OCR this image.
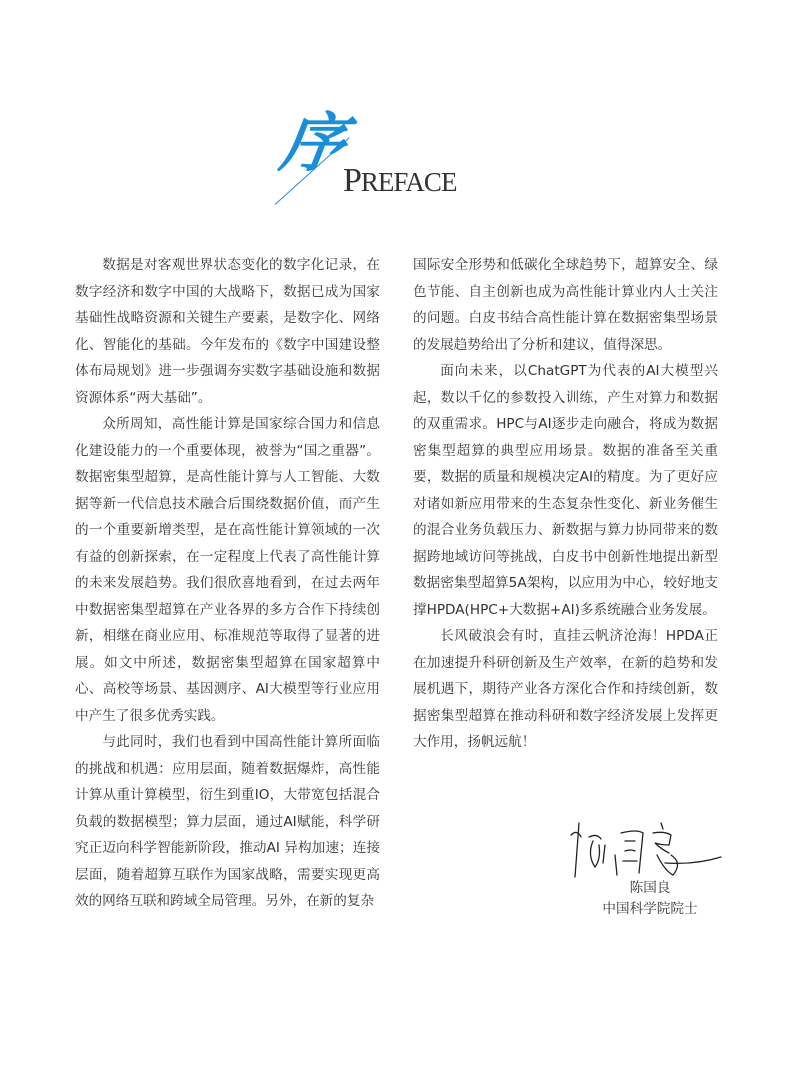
序
PREFACE

数据是对客观世界状态变化的数字化记录，在数字经济和数字中国的大战略下，数据已成为国家基础性战略资源和关键生产要素，是数字化、网络化、智能化的基础。今年发布的《数字中国建设整体布局规划》进一步强调夯实数字基础设施和数据资源体系“两大基础”。

众所周知，高性能计算是国家综合国力和信息化建设能力的一个重要体现，被誉为“国之重器”。数据密集型超算，是高性能计算与人工智能、大数据等新一代信息技术融合后围绕数据价值，而产生的一个重要新增类型，是在高性能计算领域的一次有益的创新探索，在一定程度上代表了高性能计算的未来发展趋势。我们很欣喜地看到，在过去两年中数据密集型超算在产业各界的多方合作下持续创新，相继在商业应用、标准规范等取得了显著的进展。如文中所述，数据密集型超算在国家超算中心、高校等场景、基因测序、AI大模型等行业应用中产生了很多优秀实践。

与此同时，我们也看到中国高性能计算所面临的挑战和机遇：应用层面，随着数据爆炸，高性能计算从重计算模型，衍生到重IO，大带宽包括混合负载的数据模型；算力层面，通过AI赋能，科学研究正迈向科学智能新阶段，推动AI 异构加速；连接层面，随着超算互联作为国家战略，需要实现更高效的网络互联和跨域全局管理。另外，在新的复杂

国际安全形势和低碳化全球趋势下，超算安全、绿色节能、自主创新也成为高性能计算业内人士关注的问题。白皮书结合高性能计算在数据密集型场景的发展趋势给出了分析和建议，值得深思。

面向未来，以ChatGPT为代表的AI大模型兴起，数以千亿的参数投入训练，产生对算力和数据的双重需求。HPC与AI逐步走向融合，将成为数据密集型超算的典型应用场景。数据的准备至关重要，数据的质量和规模决定AI的精度。为了更好应对诸如新应用带来的生态复杂性变化、新业务催生的混合业务负载压力、新数据与算力协同带来的数据跨地域访问等挑战，白皮书中创新性地提出新型数据密集型超算5A架构，以应用为中心，较好地支撑HPDA(HPC+大数据+AI)多系统融合业务发展。

长风破浪会有时，直挂云帆济沧海！HPDA正在加速提升科研创新及生产效率，在新的趋势和发展机遇下，期待产业各方深化合作和持续创新，数据密集型超算在推动科研和数字经济发展上发挥更大作用，扬帆远航！

陈国良
中国科学院院士
